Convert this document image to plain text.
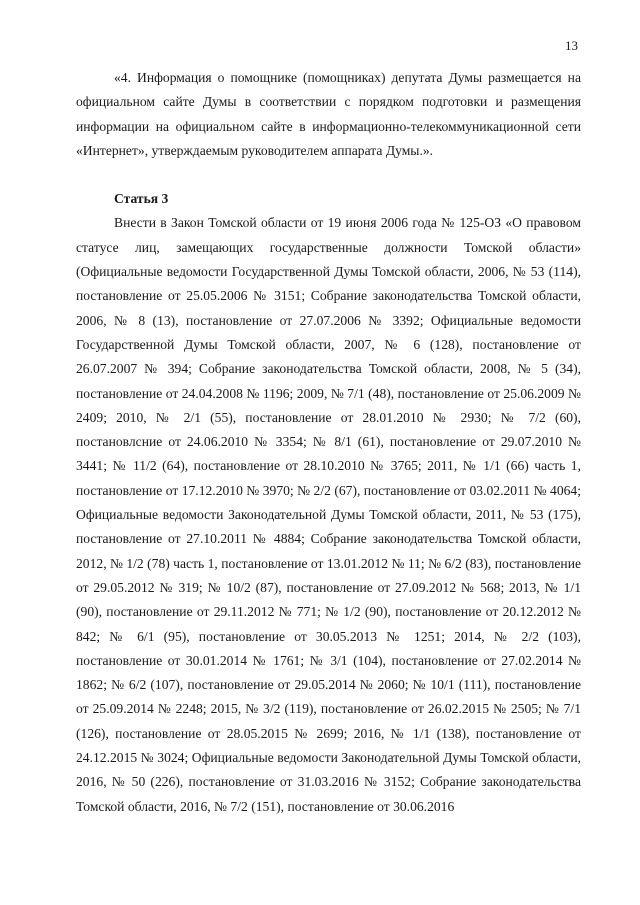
13

«4. Информация о помощнике (помощниках) депутата Думы размещается на официальном сайте Думы в соответствии с порядком подготовки и размещения информации на официальном сайте в информационно-телекоммуникационной сети «Интернет», утверждаемым руководителем аппарата Думы.».

Статья 3

Внести в Закон Томской области от 19 июня 2006 года № 125-ОЗ «О правовом статусе лиц, замещающих государственные должности Томской области» (Официальные ведомости Государственной Думы Томской области, 2006, № 53 (114), постановление от 25.05.2006 № 3151; Собрание законодательства Томской области, 2006, № 8 (13), постановление от 27.07.2006 № 3392; Официальные ведомости Государственной Думы Томской области, 2007, № 6 (128), постановление от 26.07.2007 № 394; Собрание законодательства Томской области, 2008, № 5 (34), постановление от 24.04.2008 № 1196; 2009, № 7/1 (48), постановление от 25.06.2009 № 2409; 2010, № 2/1 (55), постановление от 28.01.2010 № 2930; № 7/2 (60), постановлсние от 24.06.2010 № 3354; № 8/1 (61), постановление от 29.07.2010 № 3441; № 11/2 (64), постановление от 28.10.2010 № 3765; 2011, № 1/1 (66) часть 1, постановление от 17.12.2010 № 3970; № 2/2 (67), постановление от 03.02.2011 № 4064; Официальные ведомости Законодательной Думы Томской области, 2011, № 53 (175), постановление от 27.10.2011 № 4884; Собрание законодательства Томской области, 2012, № 1/2 (78) часть 1, постановление от 13.01.2012 № 11; № 6/2 (83), постановление от 29.05.2012 № 319; № 10/2 (87), постановление от 27.09.2012 № 568; 2013, № 1/1 (90), постановление от 29.11.2012 № 771; № 1/2 (90), постановление от 20.12.2012 № 842; № 6/1 (95), постановление от 30.05.2013 № 1251; 2014, № 2/2 (103), постановление от 30.01.2014 № 1761; № 3/1 (104), постановление от 27.02.2014 № 1862; № 6/2 (107), постановление от 29.05.2014 № 2060; № 10/1 (111), постановление от 25.09.2014 № 2248; 2015, № 3/2 (119), постановление от 26.02.2015 № 2505; № 7/1 (126), постановление от 28.05.2015 № 2699; 2016, № 1/1 (138), постановление от 24.12.2015 № 3024; Официальные ведомости Законодательной Думы Томской области, 2016, № 50 (226), постановление от 31.03.2016 № 3152; Собрание законодательства Томской области, 2016, № 7/2 (151), постановление от 30.06.2016
